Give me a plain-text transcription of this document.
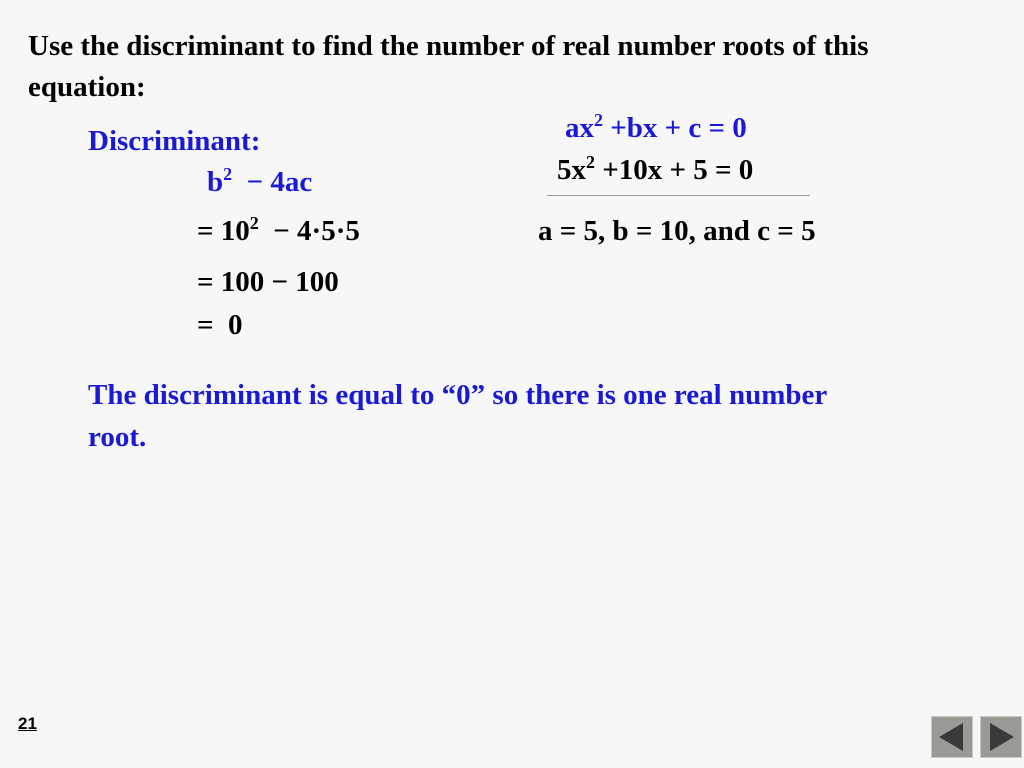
Use the discriminant to find the number of real number roots of this equation:
Discriminant:
$b^2 - 4ac$
$ax^2 +bx + c = 0$
$5x^2 +10x + 5 = 0$
a = 5, b = 10, and c = 5
= $10^2 - 4\cdot 5\cdot 5$
= 100 − 100
=  0
The discriminant is equal to “0” so there is one real number root.
21
